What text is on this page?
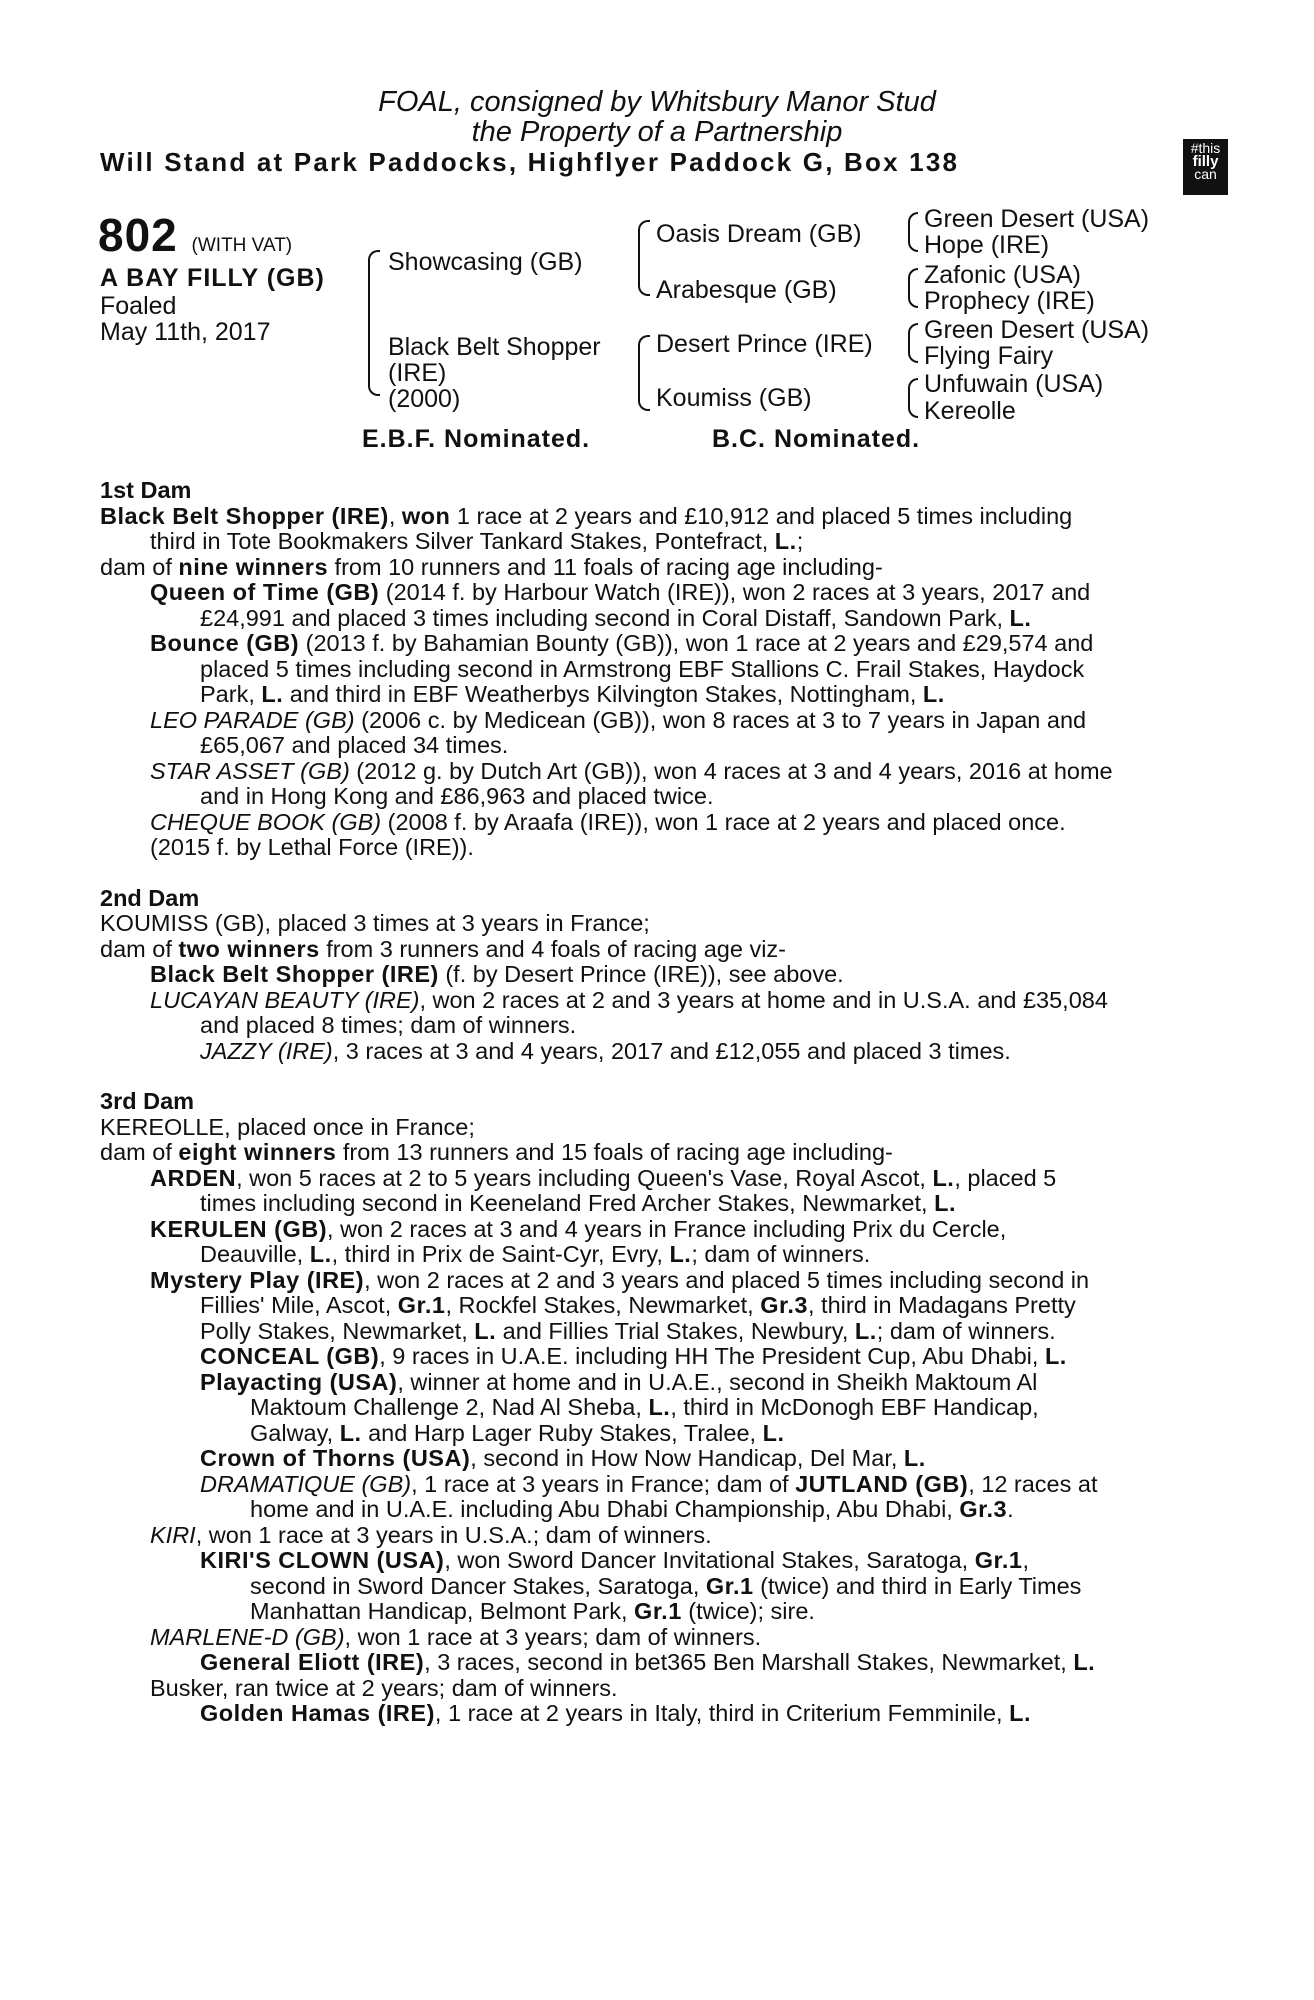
FOAL, consigned by Whitsbury Manor Stud
the Property of a Partnership
Will Stand at Park Paddocks, Highflyer Paddock G, Box 138	#this
filly
can
802 (WITH VAT)
A BAY FILLY (GB)
Foaled
May 11th, 2017
Showcasing (GB)
Black Belt Shopper
(IRE)
(2000)
Oasis Dream (GB)
Arabesque (GB)
Desert Prince (IRE)
Koumiss (GB)
Green Desert (USA)
Hope (IRE)
Zafonic (USA)
Prophecy (IRE)
Green Desert (USA)
Flying Fairy
Unfuwain (USA)
Kereolle
E.B.F. Nominated.	B.C. Nominated.
1st Dam
Black Belt Shopper (IRE), won 1 race at 2 years and £10,912 and placed 5 times including
third in Tote Bookmakers Silver Tankard Stakes, Pontefract, L.;
dam of nine winners from 10 runners and 11 foals of racing age including-
Queen of Time (GB) (2014 f. by Harbour Watch (IRE)), won 2 races at 3 years, 2017 and
£24,991 and placed 3 times including second in Coral Distaff, Sandown Park, L.
Bounce (GB) (2013 f. by Bahamian Bounty (GB)), won 1 race at 2 years and £29,574 and
placed 5 times including second in Armstrong EBF Stallions C. Frail Stakes, Haydock
Park, L. and third in EBF Weatherbys Kilvington Stakes, Nottingham, L.
LEO PARADE (GB) (2006 c. by Medicean (GB)), won 8 races at 3 to 7 years in Japan and
£65,067 and placed 34 times.
STAR ASSET (GB) (2012 g. by Dutch Art (GB)), won 4 races at 3 and 4 years, 2016 at home
and in Hong Kong and £86,963 and placed twice.
CHEQUE BOOK (GB) (2008 f. by Araafa (IRE)), won 1 race at 2 years and placed once.
(2015 f. by Lethal Force (IRE)).
2nd Dam
KOUMISS (GB), placed 3 times at 3 years in France;
dam of two winners from 3 runners and 4 foals of racing age viz-
Black Belt Shopper (IRE) (f. by Desert Prince (IRE)), see above.
LUCAYAN BEAUTY (IRE), won 2 races at 2 and 3 years at home and in U.S.A. and £35,084
and placed 8 times; dam of winners.
JAZZY (IRE), 3 races at 3 and 4 years, 2017 and £12,055 and placed 3 times.
3rd Dam
KEREOLLE, placed once in France;
dam of eight winners from 13 runners and 15 foals of racing age including-
ARDEN, won 5 races at 2 to 5 years including Queen's Vase, Royal Ascot, L., placed 5
times including second in Keeneland Fred Archer Stakes, Newmarket, L.
KERULEN (GB), won 2 races at 3 and 4 years in France including Prix du Cercle,
Deauville, L., third in Prix de Saint-Cyr, Evry, L.; dam of winners.
Mystery Play (IRE), won 2 races at 2 and 3 years and placed 5 times including second in
Fillies' Mile, Ascot, Gr.1, Rockfel Stakes, Newmarket, Gr.3, third in Madagans Pretty
Polly Stakes, Newmarket, L. and Fillies Trial Stakes, Newbury, L.; dam of winners.
CONCEAL (GB), 9 races in U.A.E. including HH The President Cup, Abu Dhabi, L.
Playacting (USA), winner at home and in U.A.E., second in Sheikh Maktoum Al
Maktoum Challenge 2, Nad Al Sheba, L., third in McDonogh EBF Handicap,
Galway, L. and Harp Lager Ruby Stakes, Tralee, L.
Crown of Thorns (USA), second in How Now Handicap, Del Mar, L.
DRAMATIQUE (GB), 1 race at 3 years in France; dam of JUTLAND (GB), 12 races at
home and in U.A.E. including Abu Dhabi Championship, Abu Dhabi, Gr.3.
KIRI, won 1 race at 3 years in U.S.A.; dam of winners.
KIRI'S CLOWN (USA), won Sword Dancer Invitational Stakes, Saratoga, Gr.1,
second in Sword Dancer Stakes, Saratoga, Gr.1 (twice) and third in Early Times
Manhattan Handicap, Belmont Park, Gr.1 (twice); sire.
MARLENE-D (GB), won 1 race at 3 years; dam of winners.
General Eliott (IRE), 3 races, second in bet365 Ben Marshall Stakes, Newmarket, L.
Busker, ran twice at 2 years; dam of winners.
Golden Hamas (IRE), 1 race at 2 years in Italy, third in Criterium Femminile, L.
